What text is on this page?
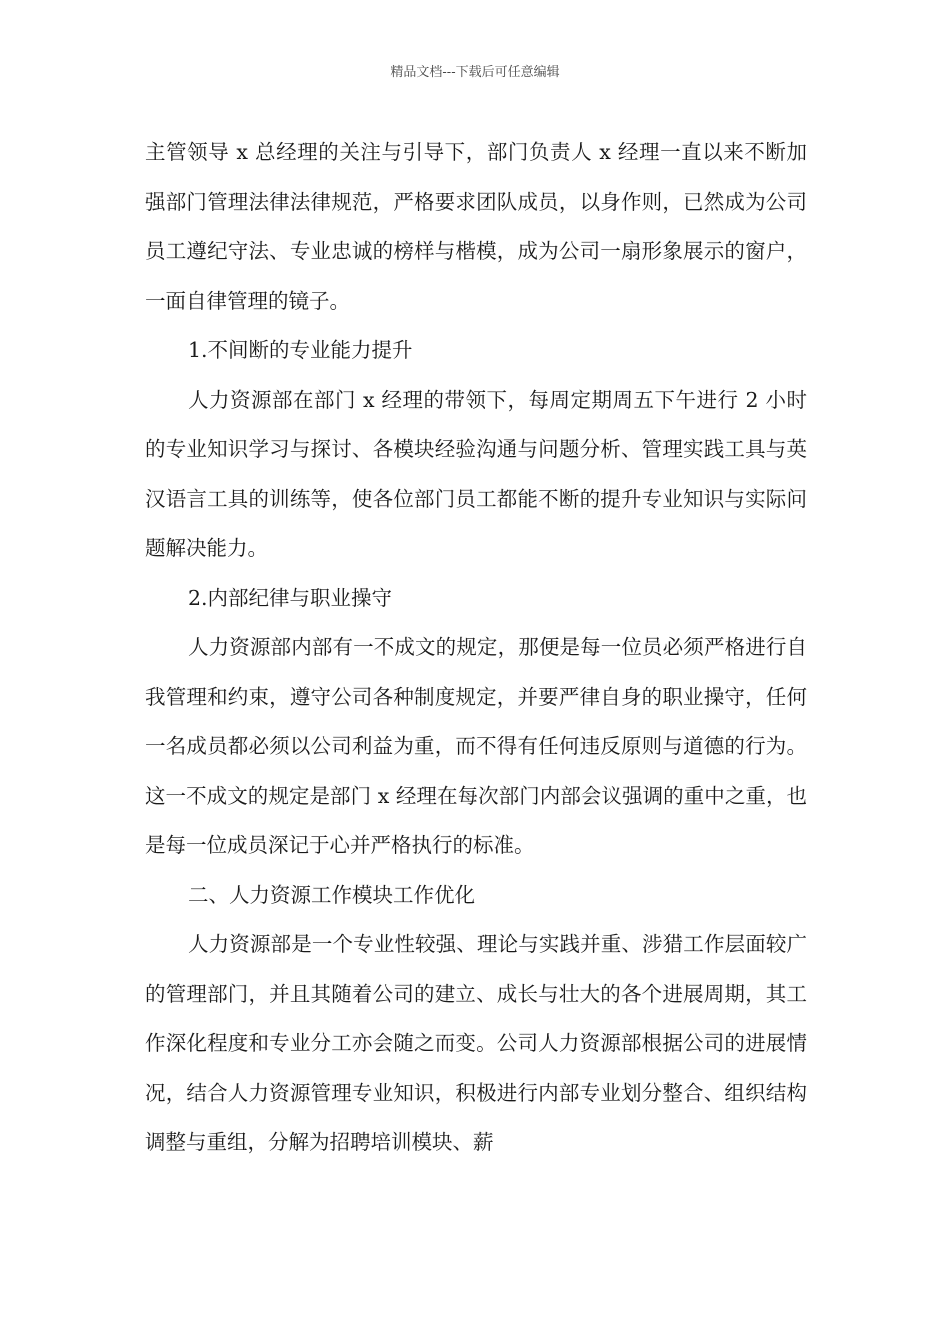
精品文档---下载后可任意编辑

主管领导 x 总经理的关注与引导下，部门负责人 x 经理一直以来不断加强部门管理法律法律规范，严格要求团队成员，以身作则，已然成为公司员工遵纪守法、专业忠诚的榜样与楷模，成为公司一扇形象展示的窗户，一面自律管理的镜子。

1.不间断的专业能力提升

人力资源部在部门 x 经理的带领下，每周定期周五下午进行 2 小时的专业知识学习与探讨、各模块经验沟通与问题分析、管理实践工具与英汉语言工具的训练等，使各位部门员工都能不断的提升专业知识与实际问题解决能力。

2.内部纪律与职业操守

人力资源部内部有一不成文的规定，那便是每一位员必须严格进行自我管理和约束，遵守公司各种制度规定，并要严律自身的职业操守，任何一名成员都必须以公司利益为重，而不得有任何违反原则与道德的行为。这一不成文的规定是部门 x 经理在每次部门内部会议强调的重中之重，也是每一位成员深记于心并严格执行的标准。

二、人力资源工作模块工作优化

人力资源部是一个专业性较强、理论与实践并重、涉猎工作层面较广的管理部门，并且其随着公司的建立、成长与壮大的各个进展周期，其工作深化程度和专业分工亦会随之而变。公司人力资源部根据公司的进展情况，结合人力资源管理专业知识，积极进行内部专业划分整合、组织结构调整与重组，分解为招聘培训模块、薪
